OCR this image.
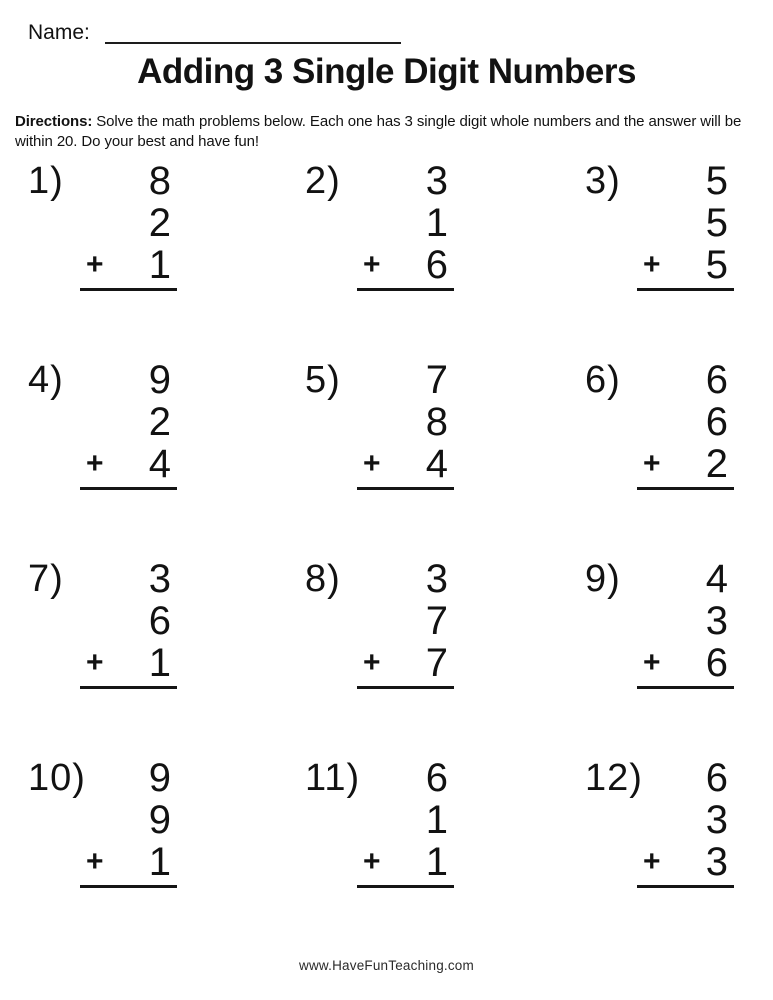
Name:
Adding 3 Single Digit Numbers

Directions: Solve the math problems below. Each one has 3 single digit whole numbers and the answer will be within 20. Do your best and have fun!

1)	8
2
+ 1
2)	3
1
+ 6
3)	5
5
+ 5
4)	9
2
+ 4
5)	7
8
+ 4
6)	6
6
+ 2
7)	3
6
+ 1
8)	3
7
+ 7
9)	4
3
+ 6
10)	9
9
+ 1
11)	6
1
+ 1
12)	6
3
+ 3
www.HaveFunTeaching.com
